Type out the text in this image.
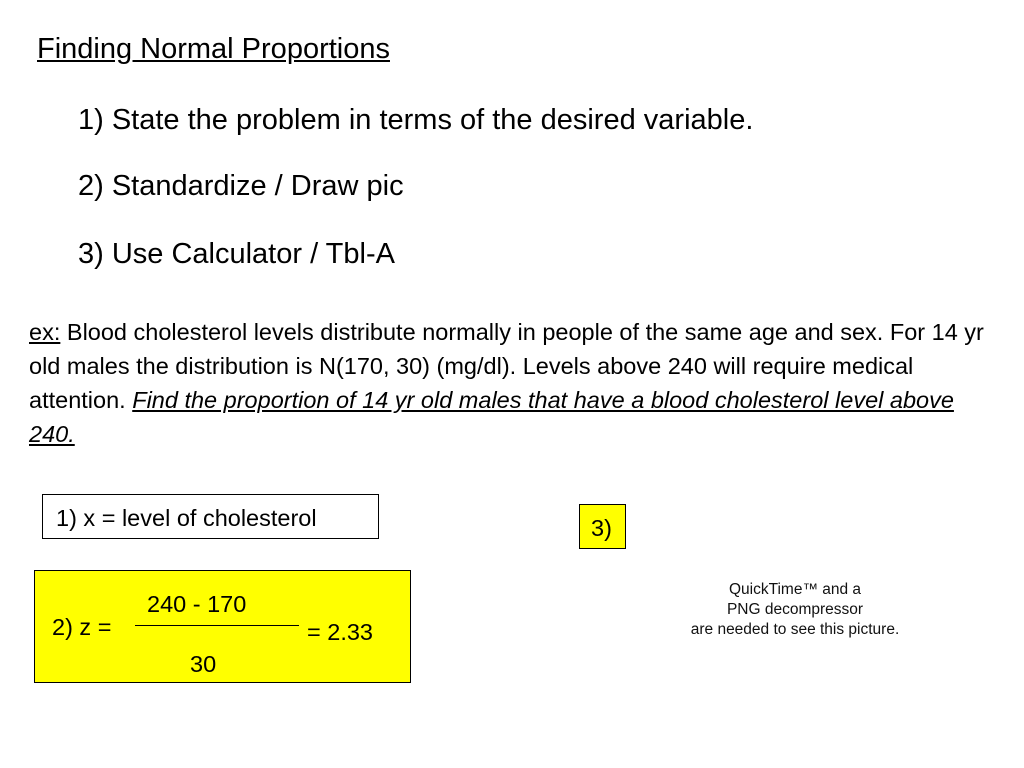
Finding Normal Proportions
1) State the problem in terms of the desired variable.
2) Standardize / Draw pic
3) Use Calculator / Tbl-A
ex: Blood cholesterol levels distribute normally in people of the same age and sex. For 14 yr old males the distribution is N(170, 30) (mg/dl). Levels above 240 will require medical attention. Find the proportion of 14 yr old males that have a blood cholesterol level above 240.
1) x = level of cholesterol
2) z =
240 - 170
30
= 2.33
3)
QuickTime™ and a
PNG decompressor
are needed to see this picture.
